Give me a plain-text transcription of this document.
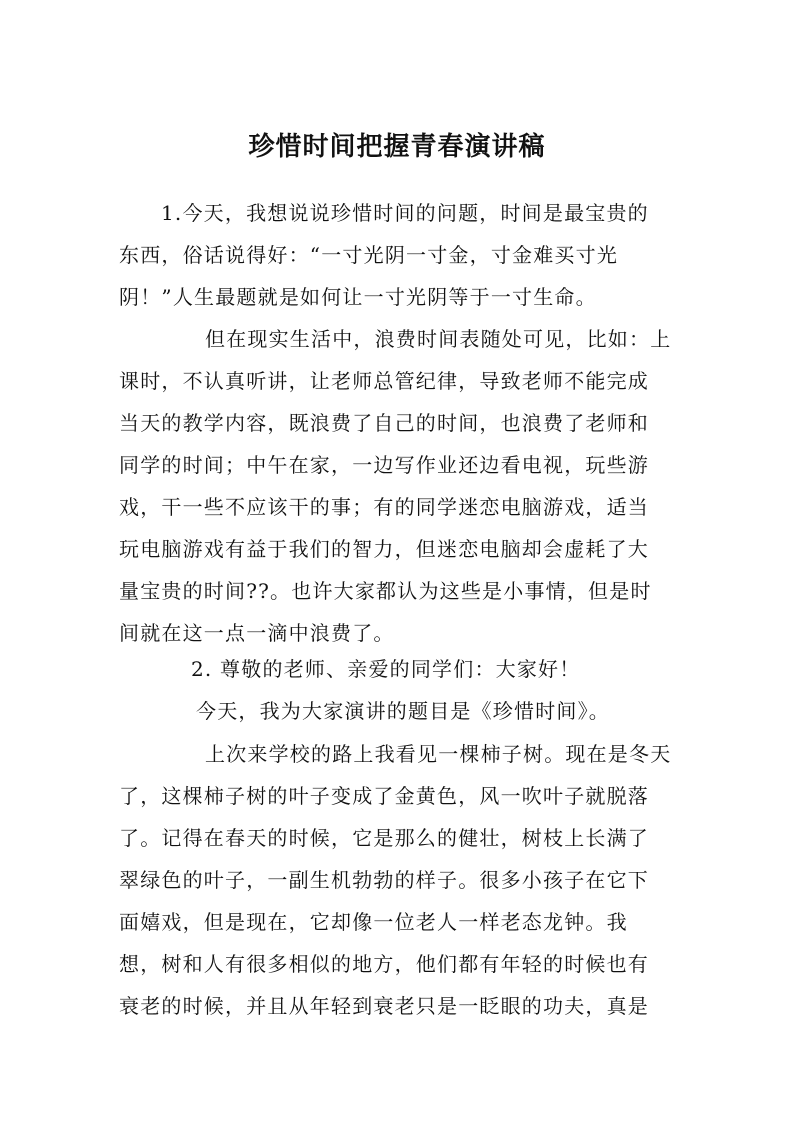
珍惜时间把握青春演讲稿

1.今天，我想说说珍惜时间的问题，时间是最宝贵的

东西，俗话说得好：“一寸光阴一寸金，寸金难买寸光

阴！”人生最题就是如何让一寸光阴等于一寸生命。

但在现实生活中，浪费时间表随处可见，比如：上

课时，不认真听讲，让老师总管纪律，导致老师不能完成

当天的教学内容，既浪费了自己的时间，也浪费了老师和

同学的时间；中午在家，一边写作业还边看电视，玩些游

戏，干一些不应该干的事；有的同学迷恋电脑游戏，适当

玩电脑游戏有益于我们的智力，但迷恋电脑却会虚耗了大

量宝贵的时间??。也许大家都认为这些是小事情，但是时

间就在这一点一滴中浪费了。

2. 尊敬的老师、亲爱的同学们：大家好！

今天，我为大家演讲的题目是《珍惜时间》。

上次来学校的路上我看见一棵柿子树。现在是冬天

了，这棵柿子树的叶子变成了金黄色，风一吹叶子就脱落

了。记得在春天的时候，它是那么的健壮，树枝上长满了

翠绿色的叶子，一副生机勃勃的样子。很多小孩子在它下

面嬉戏，但是现在，它却像一位老人一样老态龙钟。我

想，树和人有很多相似的地方，他们都有年轻的时候也有

衰老的时候，并且从年轻到衰老只是一眨眼的功夫，真是
